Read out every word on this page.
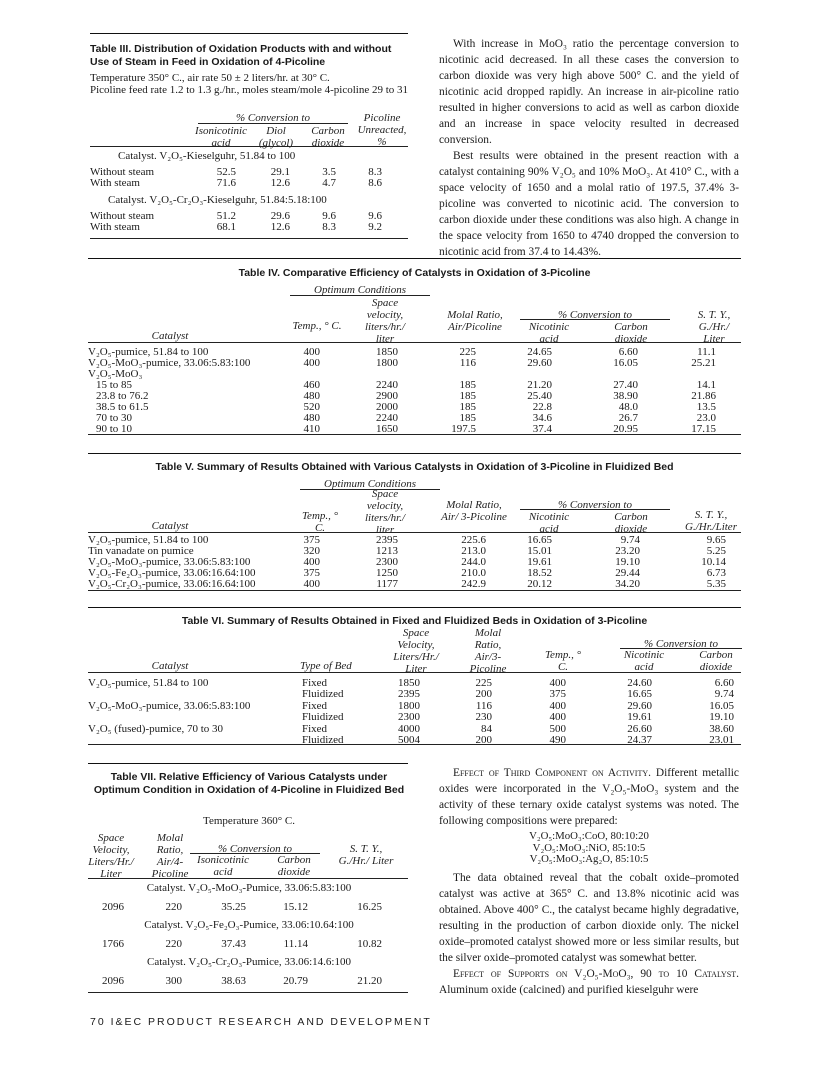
Table III. Distribution of Oxidation Products with and without Use of Steam in Feed in Oxidation of 4-Picoline
Temperature 350° C., air rate 50 ± 2 liters/hr. at 30° C.
Picoline feed rate 1.2 to 1.3 g./hr., moles steam/mole 4-picoline 29 to 31
% Conversion to
Isonicotinic acid
Diol (glycol)
Carbon dioxide
Picoline Unreacted, %
Catalyst. V₂O₅-Kieselguhr, 51.84 to 100
Without steam	52.5	29.1	3.5	8.3
With steam	71.6	12.6	4.7	8.6
Catalyst. V₂O₅-Cr₂O₃-Kieselguhr, 51.84:5.18:100
Without steam	51.2	29.6	9.6	9.6
With steam	68.1	12.6	8.3	9.2

With increase in MoO₃ ratio the percentage conversion to nicotinic acid decreased. In all these cases the conversion to carbon dioxide was very high above 500° C. and the yield of nicotinic acid dropped rapidly. An increase in air-picoline ratio resulted in higher conversions to acid as well as carbon dioxide and an increase in space velocity resulted in decreased conversion.

Best results were obtained in the present reaction with a catalyst containing 90% V₂O₅ and 10% MoO₃. At 410° C., with a space velocity of 1650 and a molal ratio of 197.5, 37.4% 3-picoline was converted to nicotinic acid. The conversion to carbon dioxide under these conditions was also high. A change in the space velocity from 1650 to 4740 dropped the conversion to nicotinic acid from 37.4 to 14.43%.

Table IV. Comparative Efficiency of Catalysts in Oxidation of 3-Picoline
Optimum Conditions
% Conversion to
Catalyst
Temp., ° C.
Space velocity, liters/hr./ liter
Molal Ratio, Air/Picoline	Nicotinic acid
Carbon dioxide
S. T. Y., G./Hr./ Liter
V₂O₅-pumice, 51.84 to 100	400	1850	225	24.65	6.60	11.1
V₂O₅-MoO₃-pumice, 33.06:5.83:100	400	1800	116	29.60	16.05	25.21
V₂O₅-MoO₃
15 to 85	460	2240	185	21.20	27.40	14.1
23.8 to 76.2	480	2900	185	25.40	38.90	21.86
38.5 to 61.5	520	2000	185	22.8	48.0	13.5
70 to 30	480	2240	185	34.6	26.7	23.0
90 to 10	410	1650	197.5	37.4	20.95	17.15
Table V. Summary of Results Obtained with Various Catalysts in Oxidation of 3-Picoline in Fluidized Bed
Optimum Conditions
% Conversion to
Catalyst
Temp., ° C.
Space velocity, liters/hr./ liter
Molal Ratio, Air/ 3-Picoline	Nicotinic acid
Carbon dioxide
S. T. Y., G./Hr./Liter
V₂O₅-pumice, 51.84 to 100	375	2395	225.6	16.65	9.74	9.65
Tin vanadate on pumice	320	1213	213.0	15.01	23.20	5.25
V₂O₅-MoO₃-pumice, 33.06:5.83:100	400	2300	244.0	19.61	19.10	10.14
V₂O₅-Fe₂O₃-pumice, 33.06:16.64:100	375	1250	210.0	18.52	29.44	6.73
V₂O₅-Cr₂O₃-pumice, 33.06:16.64:100	400	1177	242.9	20.12	34.20	5.35
Table VI. Summary of Results Obtained in Fixed and Fluidized Beds in Oxidation of 3-Picoline
% Conversion to
Catalyst	Type of Bed
Space Velocity, Liters/Hr./ Liter
Molal Ratio, Air/3- Picoline
Temp., ° C.
Nicotinic acid
Carbon dioxide
V₂O₅-pumice, 51.84 to 100	Fixed	1850	225	400	24.60	6.60
Fluidized	2395	200	375	16.65	9.74
V₂O₅-MoO₃-pumice, 33.06:5.83:100	Fixed	1800	116	400	29.60	16.05
Fluidized	2300	230	400	19.61	19.10
V₂O₅ (fused)-pumice, 70 to 30	Fixed	4000	84	500	26.60	38.60
Fluidized	5004	200	490	24.37	23.01
Table VII. Relative Efficiency of Various Catalysts under Optimum Condition in Oxidation of 4-Picoline in Fluidized Bed
Temperature 360° C.
% Conversion to
Space Velocity, Liters/Hr./ Liter
Molal Ratio, Air/4- Picoline
Isonicotinic acid
Carbon dioxide
S. T. Y., G./Hr./ Liter
Catalyst. V₂O₅-MoO₃-Pumice, 33.06:5.83:100
2096	220	35.25	15.12	16.25
Catalyst. V₂O₅-Fe₂O₃-Pumice, 33.06:10.64:100
1766	220	37.43	11.14	10.82
Catalyst. V₂O₅-Cr₂O₃-Pumice, 33.06:14.6:100
2096	300	38.63	20.79	21.20

Effect of Third Component on Activity. Different metallic oxides were incorporated in the V₂O₅-MoO₃ system and the activity of these ternary oxide catalyst systems was noted. The following compositions were prepared:

V₂O₅:MoO₃:CoO, 80:10:20
V₂O₅:MoO₃:NiO, 85:10:5
V₂O₅:MoO₃:Ag₂O, 85:10:5

The data obtained reveal that the cobalt oxide–promoted catalyst was active at 365° C. and 13.8% nicotinic acid was obtained. Above 400° C., the catalyst became highly degradative, resulting in the production of carbon dioxide only. The nickel oxide–promoted catalyst showed more or less similar results, but the silver oxide–promoted catalyst was somewhat better.

Effect of Supports on V₂O₅-MoO₃, 90 to 10 Catalyst. Aluminum oxide (calcined) and purified kieselguhr were

70 I&EC PRODUCT RESEARCH AND DEVELOPMENT
